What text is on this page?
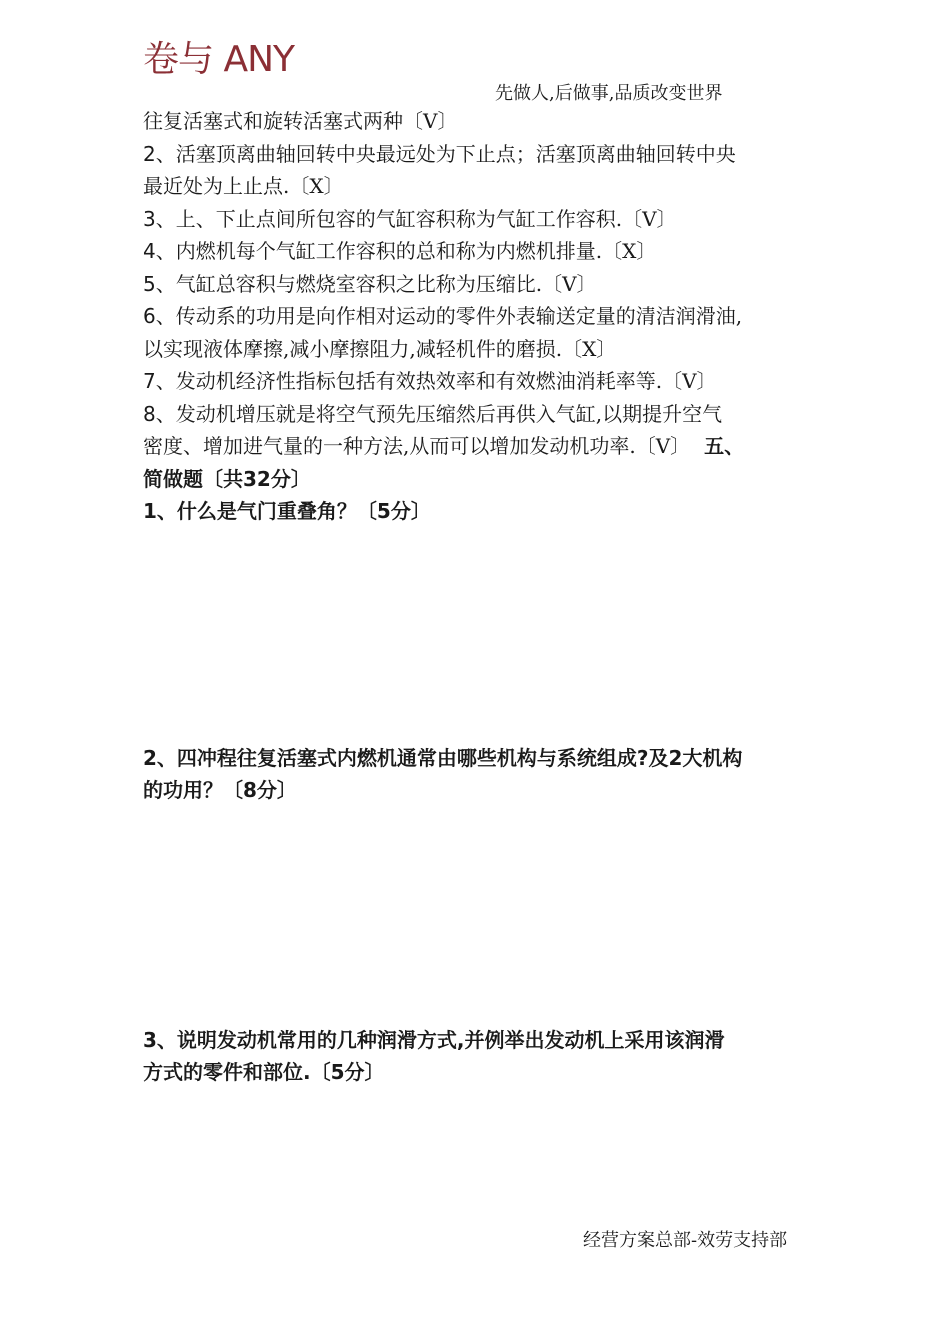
卷与 ANY
先做人,后做事,品质改变世界
往复活塞式和旋转活塞式两种〔V〕
2、活塞顶离曲轴回转中央最远处为下止点；活塞顶离曲轴回转中央
最近处为上止点.〔X〕
3、上、下止点间所包容的气缸容积称为气缸工作容积.〔V〕
4、内燃机每个气缸工作容积的总和称为内燃机排量.〔X〕
5、气缸总容积与燃烧室容积之比称为压缩比.〔V〕
6、传动系的功用是向作相对运动的零件外表输送定量的清洁润滑油,
以实现液体摩擦,减小摩擦阻力,减轻机件的磨损.〔X〕
7、发动机经济性指标包括有效热效率和有效燃油消耗率等.〔V〕
8、发动机增压就是将空气预先压缩然后再供入气缸,以期提升空气
密度、增加进气量的一种方法,从而可以增加发动机功率.〔V〕 五、
简做题〔共32分〕
1、什么是气门重叠角？〔5分〕
2、四冲程往复活塞式内燃机通常由哪些机构与系统组成?及2大机构
的功用？〔8分〕
3、说明发动机常用的几种润滑方式,并例举出发动机上采用该润滑
方式的零件和部位.〔5分〕
经营方案总部-效劳支持部
